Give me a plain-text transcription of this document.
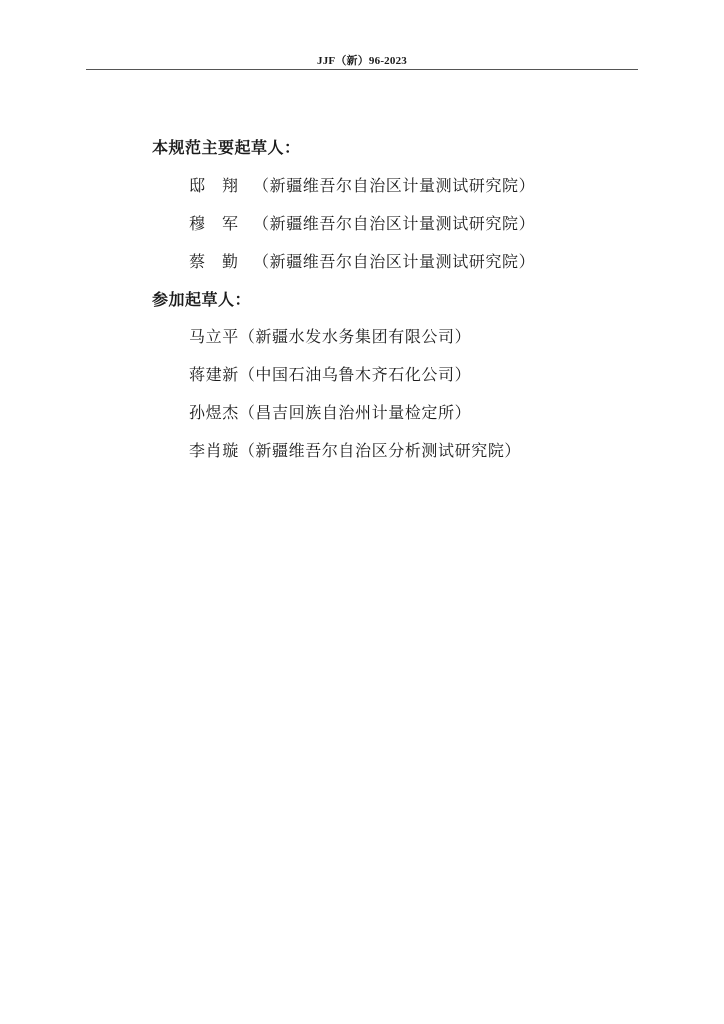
JJF（新）96-2023
本规范主要起草人：
邸 翔 （新疆维吾尔自治区计量测试研究院）
穆 军 （新疆维吾尔自治区计量测试研究院）
蔡 勤 （新疆维吾尔自治区计量测试研究院）
参加起草人：
马立平（新疆水发水务集团有限公司）
蒋建新（中国石油乌鲁木齐石化公司）
孙煜杰（昌吉回族自治州计量检定所）
李肖璇（新疆维吾尔自治区分析测试研究院）
